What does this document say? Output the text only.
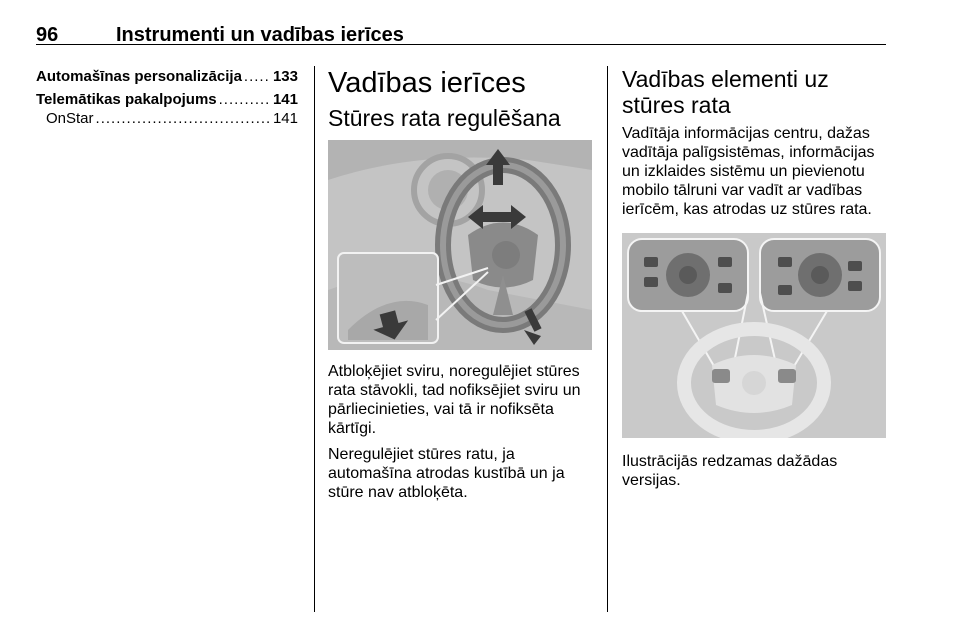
96	Instrumenti un vadības ierīces
Automašīnas personalizācija ..... 133
Telemātikas pakalpojums .....	141
OnStar .....	141
Vadības ierīces
Stūres rata regulēšana

Atbloķējiet sviru, noregulējiet stūres rata stāvokli, tad nofiksējiet sviru un pārliecinieties, vai tā ir nofiksēta kārtīgi.

Neregulējiet stūres ratu, ja automašīna atrodas kustībā un ja stūre nav atbloķēta.

Vadības elementi uz stūres rata

Vadītāja informācijas centru, dažas vadītāja palīgsistēmas, informācijas un izklaides sistēmu un pievienotu mobilo tālruni var vadīt ar vadības ierīcēm, kas atrodas uz stūres rata.

Ilustrācijās redzamas dažādas versijas.
